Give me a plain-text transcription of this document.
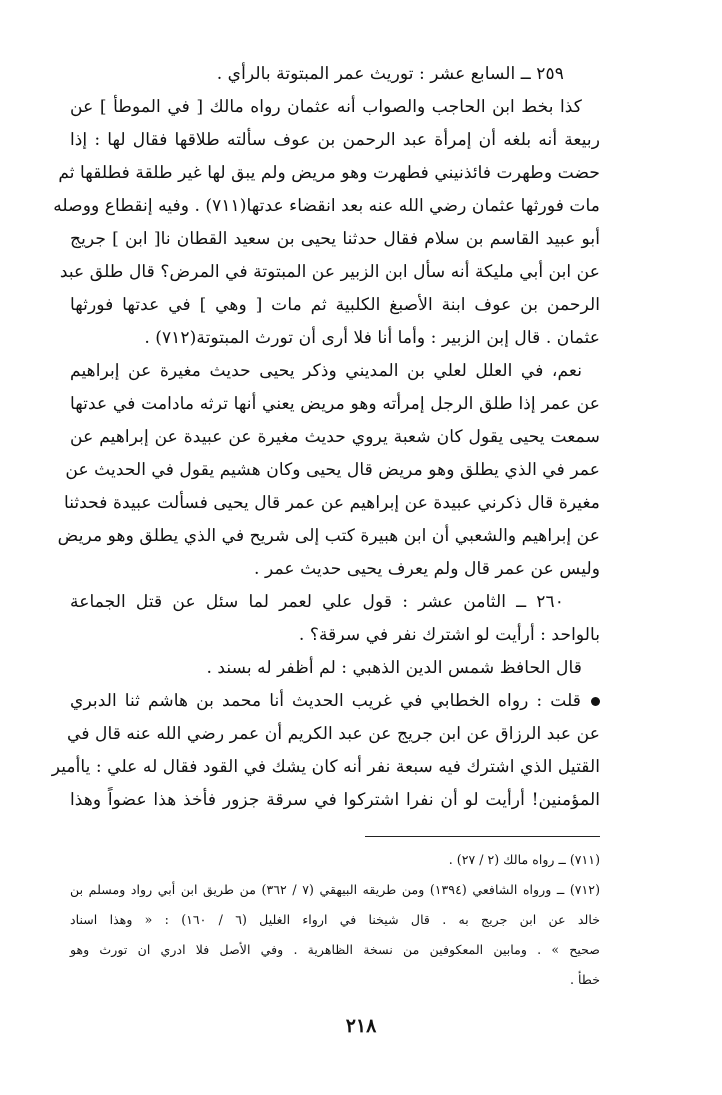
٢٥٩ ــ السابع عشر : توريث عمر المبتوتة بالرأي .
كذا بخط ابن الحاجب والصواب أنه عثمان رواه مالك [ في الموطأ ] عن
ربيعة أنه بلغه أن إمرأة عبد الرحمن بن عوف سألته طلاقها فقال لها : إذا
حضت وطهرت فائذنيني فطهرت وهو مريض ولم يبق لها غير طلقة فطلقها ثم
مات فورثها عثمان رضي الله عنه بعد انقضاء عدتها(٧١١) . وفيه إنقطاع ووصله
أبو عبيد القاسم بن سلام فقال حدثنا يحيى بن سعيد القطان نا[ ابن ] جريج
عن ابن أبي مليكة أنه سأل ابن الزبير عن المبتوتة في المرض؟ قال طلق عبد
الرحمن بن عوف ابنة الأصبغ الكلبية ثم مات [ وهي ] في عدتها فورثها
عثمان . قال إبن الزبير : وأما أنا فلا أرى أن تورث المبتوتة(٧١٢) .
نعم، في العلل لعلي بن المديني وذكر يحيى حديث مغيرة عن إبراهيم
عن عمر إذا طلق الرجل إمرأته وهو مريض يعني أنها ترثه مادامت في عدتها
سمعت يحيى يقول كان شعبة يروي حديث مغيرة عن عبيدة عن إبراهيم عن
عمر في الذي يطلق وهو مريض قال يحيى وكان هشيم يقول في الحديث عن
مغيرة قال ذكرني عبيدة عن إبراهيم عن عمر قال يحيى فسألت عبيدة فحدثنا
عن إبراهيم والشعبي أن ابن هبيرة كتب إلى شريح في الذي يطلق وهو مريض
وليس عن عمر قال ولم يعرف يحيى حديث عمر .
٢٦٠ ــ الثامن عشر : قول علي لعمر لما سئل عن قتل الجماعة
بالواحد : أرأيت لو اشترك نفر في سرقة؟ .
قال الحافظ شمس الدين الذهبي : لم أظفر له بسند .
قلت : رواه الخطابي في غريب الحديث أنا محمد بن هاشم ثنا الدبري
عن عبد الرزاق عن ابن جريج عن عبد الكريم أن عمر رضي الله عنه قال في
القتيل الذي اشترك فيه سبعة نفر أنه كان يشك في القود فقال له علي : ياأمير
المؤمنين! أرأيت لو أن نفرا اشتركوا في سرقة جزور فأخذ هذا عضواً وهذا
(٧١١) ــ رواه مالك (٢ / ٢٧) .
(٧١٢) ــ ورواه الشافعي (١٣٩٤) ومن طريقه البيهقي (٧ / ٣٦٢) من طريق ابن أبي رواد ومسلم بن
خالد عن ابن جريج به . قال شيخنا في ارواء الغليل (٦ / ١٦٠) : « وهذا اسناد
صحيح » . ومابين المعكوفين من نسخة الظاهرية . وفي الأصل فلا ادري ان تورث وهو
خطأ .
٢١٨
